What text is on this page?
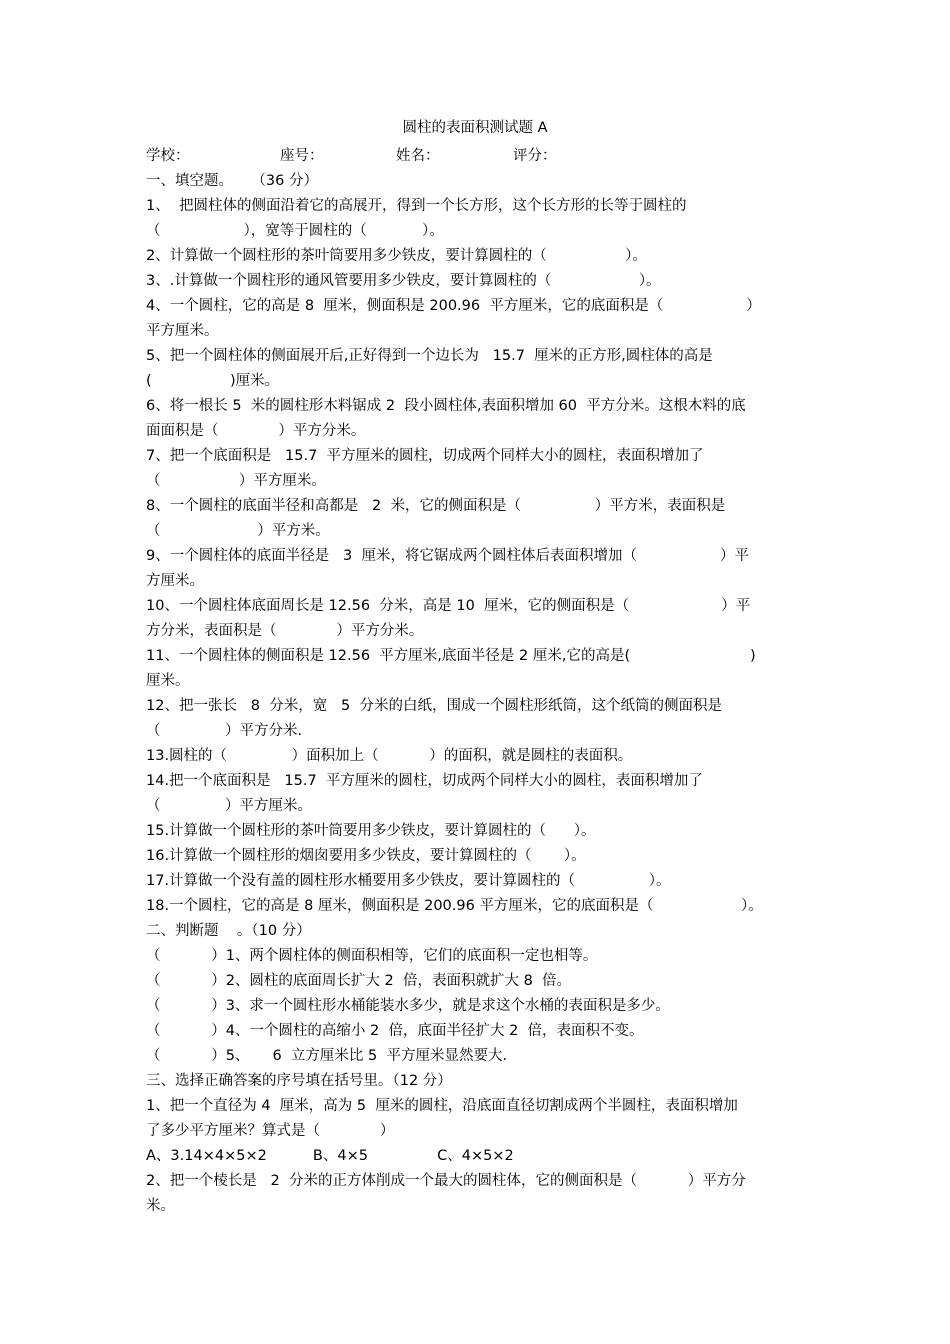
圆柱的表面积测试题 A
学校：	座号：	姓名：	评分：
一、填空题。    （36 分）
1、  把圆柱体的侧面沿着它的高展开，得到一个长方形，这个长方形的长等于圆柱的
（                  ），宽等于圆柱的（            ）。
2、计算做一个圆柱形的茶叶筒要用多少铁皮，要计算圆柱的（                 ）。
3、.计算做一个圆柱形的通风管要用多少铁皮，要计算圆柱的（                   ）。
4、一个圆柱，它的高是 8  厘米，侧面积是 200.96  平方厘米，它的底面积是（                  ）
平方厘米。
5、把一个圆柱体的侧面展开后,正好得到一个边长为   15.7  厘米的正方形,圆柱体的高是
(                 )厘米。
6、将一根长 5  米的圆柱形木料锯成 2  段小圆柱体,表面积增加 60  平方分米。这根木料的底
面面积是（             ）平方分米。
7、把一个底面积是   15.7  平方厘米的圆柱，切成两个同样大小的圆柱，表面积增加了
（                 ）平方厘米。
8、一个圆柱的底面半径和高都是   2  米，它的侧面积是（                ）平方米，表面积是
（                     ）平方米。
9、一个圆柱体的底面半径是   3  厘米，将它锯成两个圆柱体后表面积增加（                  ）平
方厘米。
10、一个圆柱体底面周长是 12.56  分米，高是 10  厘米，它的侧面积是（                    ）平
方分米，表面积是（             ）平方分米。
11、一个圆柱体的侧面积是 12.56  平方厘米,底面半径是 2 厘米,它的高是(                          )
厘米。
12、把一张长   8  分米，宽   5  分米的白纸，围成一个圆柱形纸筒，这个纸筒的侧面积是
（              ）平方分米.
13.圆柱的（              ）面积加上（           ）的面积，就是圆柱的表面积。
14.把一个底面积是   15.7  平方厘米的圆柱，切成两个同样大小的圆柱，表面积增加了
（              ）平方厘米。
15.计算做一个圆柱形的茶叶筒要用多少铁皮，要计算圆柱的（      ）。
16.计算做一个圆柱形的烟囱要用多少铁皮，要计算圆柱的（       ）。
17.计算做一个没有盖的圆柱形水桶要用多少铁皮，要计算圆柱的（                ）。
18.一个圆柱，它的高是 8 厘米，侧面积是 200.96 平方厘米，它的底面积是（                   ）。
二、判断题    。（10 分）
（           ）1、两个圆柱体的侧面积相等，它们的底面积一定也相等。
（           ）2、圆柱的底面周长扩大 2  倍，表面积就扩大 8  倍。
（           ）3、求一个圆柱形水桶能装水多少，就是求这个水桶的表面积是多少。
（           ）4、一个圆柱的高缩小 2  倍，底面半径扩大 2  倍，表面积不变。
（           ）5、     6  立方厘米比 5  平方厘米显然要大.
三、选择正确答案的序号填在括号里。（12 分）
1、把一个直径为 4  厘米，高为 5  厘米的圆柱，沿底面直径切割成两个半圆柱，表面积增加
了多少平方厘米？算式是（             ）
A、3.14×4×5×2          B、4×5               C、4×5×2
2、把一个棱长是   2  分米的正方体削成一个最大的圆柱体，它的侧面积是（           ）平方分
米。
